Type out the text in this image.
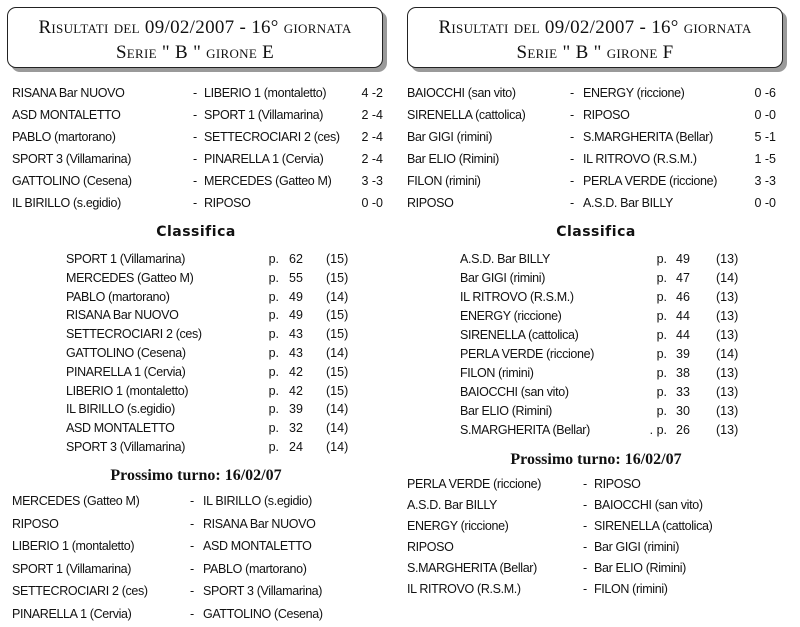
Risultati del 09/02/2007 - 16° giornata
Serie " B " girone E
RISANA Bar NUOVO	- LIBERIO 1 (montaletto)	4 -2
ASD MONTALETTO	- SPORT 1 (Villamarina)	2 -4
PABLO (martorano)	- SETTECROCIARI 2 (ces) 2 -4
SPORT 3 (Villamarina)	- PINARELLA 1 (Cervia)	2 -4
GATTOLINO (Cesena)	- MERCEDES (Gatteo M) 3 -3
IL BIRILLO (s.egidio)	- RIPOSO	0 -0
Classifica
SPORT 1 (Villamarina)	p. 62 (15)
MERCEDES (Gatteo M)	p. 55 (15)
PABLO (martorano)	p. 49 (14)
RISANA Bar NUOVO	p. 49 (15)
SETTECROCIARI 2 (ces)	p. 43 (15)
GATTOLINO (Cesena)	p. 43 (14)
PINARELLA 1 (Cervia)	p. 42 (15)
LIBERIO 1 (montaletto)	p. 42 (15)
IL BIRILLO (s.egidio)	p. 39 (14)
ASD MONTALETTO	p. 32 (14)
SPORT 3 (Villamarina)	p. 24 (14)
Prossimo turno: 16/02/07
MERCEDES (Gatteo M)	- IL BIRILLO (s.egidio)
RIPOSO	- RISANA Bar NUOVO
LIBERIO 1 (montaletto)	- ASD MONTALETTO
SPORT 1 (Villamarina)	- PABLO (martorano)
SETTECROCIARI 2 (ces)	- SPORT 3 (Villamarina)
PINARELLA 1 (Cervia)	- GATTOLINO (Cesena)
Risultati del 09/02/2007 - 16° giornata
Serie " B " girone F
BAIOCCHI (san vito)	- ENERGY (riccione)	0 -6
SIRENELLA (cattolica)	- RIPOSO	0 -0
Bar GIGI (rimini)	- S.MARGHERITA (Bellar)	5 -1
Bar ELIO (Rimini)	- IL RITROVO (R.S.M.)	1 -5
FILON (rimini)	- PERLA VERDE (riccione)	3 -3
RIPOSO	- A.S.D. Bar BILLY	0 -0
Classifica
A.S.D. Bar BILLY	p. 49 (13)
Bar GIGI (rimini)	p. 47 (14)
IL RITROVO (R.S.M.)	p. 46 (13)
ENERGY (riccione)	p. 44 (13)
SIRENELLA (cattolica)	p. 44 (13)
PERLA VERDE (riccione)	p. 39 (14)
FILON (rimini)	p. 38 (13)
BAIOCCHI (san vito)	p. 33 (13)
Bar ELIO (Rimini)	p. 30 (13)
S.MARGHERITA (Bellar)	. p. 26 (13)
Prossimo turno: 16/02/07
PERLA VERDE (riccione)	- RIPOSO
A.S.D. Bar BILLY	- BAIOCCHI (san vito)
ENERGY (riccione)	- SIRENELLA (cattolica)
RIPOSO	- Bar GIGI (rimini)
S.MARGHERITA (Bellar)	- Bar ELIO (Rimini)
IL RITROVO (R.S.M.)	- FILON (rimini)
